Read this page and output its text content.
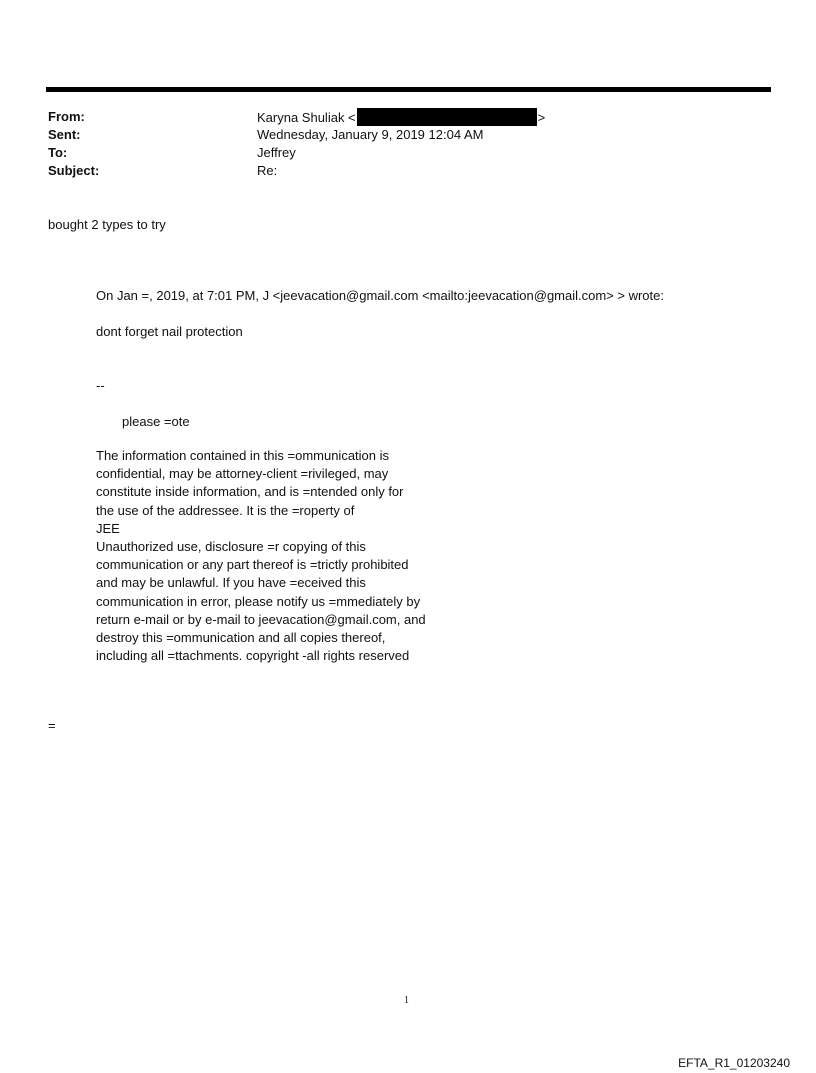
From:	Karyna Shuliak <	>
Sent:	Wednesday, January 9, 2019 12:04 AM
To:	Jeffrey
Subject:	Re:
bought 2 types to try
On Jan =, 2019, at 7:01 PM, J <jeevacation@gmail.com <mailto:jeevacation@gmail.com> > wrote:
dont forget nail protection
--
please =ote
The information contained in this =ommunication is
confidential, may be attorney-client =rivileged, may
constitute inside information, and is =ntended only for
the use of the addressee. It is the =roperty of
JEE
Unauthorized use, disclosure =r copying of this
communication or any part thereof is =trictly prohibited
and may be unlawful. If you have =eceived this
communication in error, please notify us =mmediately by
return e-mail or by e-mail to jeevacation@gmail.com, and
destroy this =ommunication and all copies thereof,
including all =ttachments. copyright -all rights reserved
=
1
EFTA_R1_01203240
